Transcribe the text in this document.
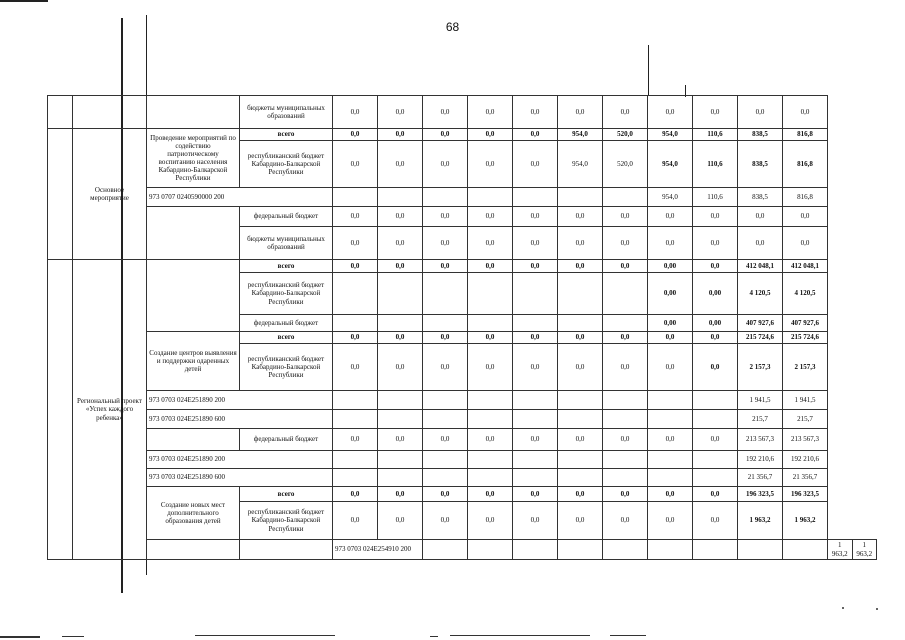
68
			бюджеты муниципальных образований	0,0	0,0	0,0	0,0	0,0	0,0	0,0	0,0	0,0	0,0	0,0		
	Основное мероприятие	Проведение мероприятий по содействию патриотическому воспитанию населения Кабардино-Балкарской Республики	всего	0,0	0,0	0,0	0,0	0,0	954,0	520,0	954,0	110,6	838,5	816,8		
			республиканский бюджет Кабардино-Балкарской Республики	0,0	0,0	0,0	0,0	0,0	954,0	520,0	954,0	110,6	838,5	816,8		
		973 0707 0240590000 200									954,0	110,6	838,5	816,8		
			федеральный бюджет	0,0	0,0	0,0	0,0	0,0	0,0	0,0	0,0	0,0	0,0	0,0		
			бюджеты муниципальных образований	0,0	0,0	0,0	0,0	0,0	0,0	0,0	0,0	0,0	0,0	0,0		
	Региональный проект «Успех каждого ребенка»		всего	0,0	0,0	0,0	0,0	0,0	0,0	0,0	0,00	0,0	412 048,1	412 048,1		
			республиканский бюджет Кабардино-Балкарской Республики								0,00	0,00	4 120,5	4 120,5		
			федеральный бюджет								0,00	0,00	407 927,6	407 927,6		
		Создание центров выявления и поддержки одаренных детей	всего	0,0	0,0	0,0	0,0	0,0	0,0	0,0	0,0	0,0	215 724,6	215 724,6		
			республиканский бюджет Кабардино-Балкарской Республики	0,0	0,0	0,0	0,0	0,0	0,0	0,0	0,0	0,0	2 157,3	2 157,3		
		973 0703 024E251890 200											1 941,5	1 941,5		
		973 0703 024E251890 600											215,7	215,7		
			федеральный бюджет	0,0	0,0	0,0	0,0	0,0	0,0	0,0	0,0	0,0	213 567,3	213 567,3		
		973 0703 024E251890 200											192 210,6	192 210,6		
		973 0703 024E251890 600											21 356,7	21 356,7		
		Создание новых мест дополнительного образования детей	всего	0,0	0,0	0,0	0,0	0,0	0,0	0,0	0,0	0,0	196 323,5	196 323,5		
			республиканский бюджет Кабардино-Балкарской Республики	0,0	0,0	0,0	0,0	0,0	0,0	0,0	0,0	0,0	1 963,2	1 963,2		
				973 0703 024E254910 200											1 963,2	1 963,2
